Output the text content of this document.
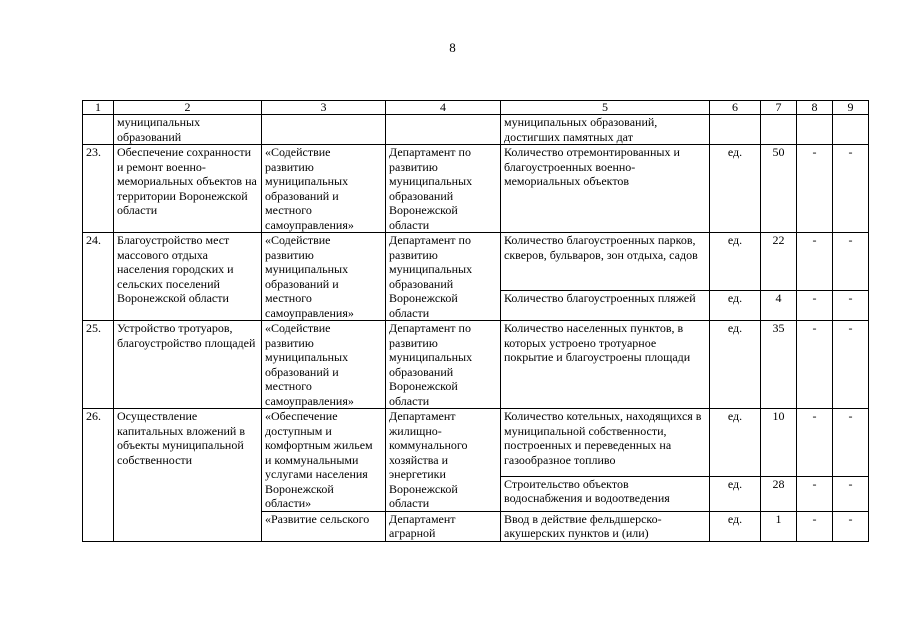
8
1	2	3	4	5	6	7	8	9
	муниципальных образований			муниципальных образований, достигших памятных дат				
23.	Обеспечение сохранности и ремонт военно-мемориальных объектов на территории Воронежской области	«Содействие развитию муниципальных образований и местного самоуправления»	Департамент по развитию муниципальных образований Воронежской области	Количество отремонтированных и благоустроенных военно-мемориальных объектов	ед.	50	-	-
24.	Благоустройство мест массового отдыха населения городских и сельских поселений Воронежской области	«Содействие развитию муниципальных образований и местного самоуправления»	Департамент по развитию муниципальных образований Воронежской области	Количество благоустроенных парков, скверов, бульваров, зон отдыха, садов	ед.	22	-	-
				Количество благоустроенных пляжей	ед.	4	-	-
25.	Устройство тротуаров, благоустройство площадей	«Содействие развитию муниципальных образований и местного самоуправления»	Департамент по развитию муниципальных образований Воронежской области	Количество населенных пунктов, в которых устроено тротуарное покрытие и благоустроены площади	ед.	35	-	-
26.	Осуществление капитальных вложений в объекты муниципальной собственности	«Обеспечение доступным и комфортным жильем и коммунальными услугами населения Воронежской области»	Департамент жилищно-коммунального хозяйства и энергетики Воронежской области	Количество котельных, находящихся в муниципальной собственности, построенных и переведенных на газообразное топливо	ед.	10	-	-
				Строительство объектов водоснабжения и водоотведения	ед.	28	-	-
		«Развитие сельского	Департамент аграрной	Ввод в действие фельдшерско-акушерских пунктов и (или)	ед.	1	-	-
